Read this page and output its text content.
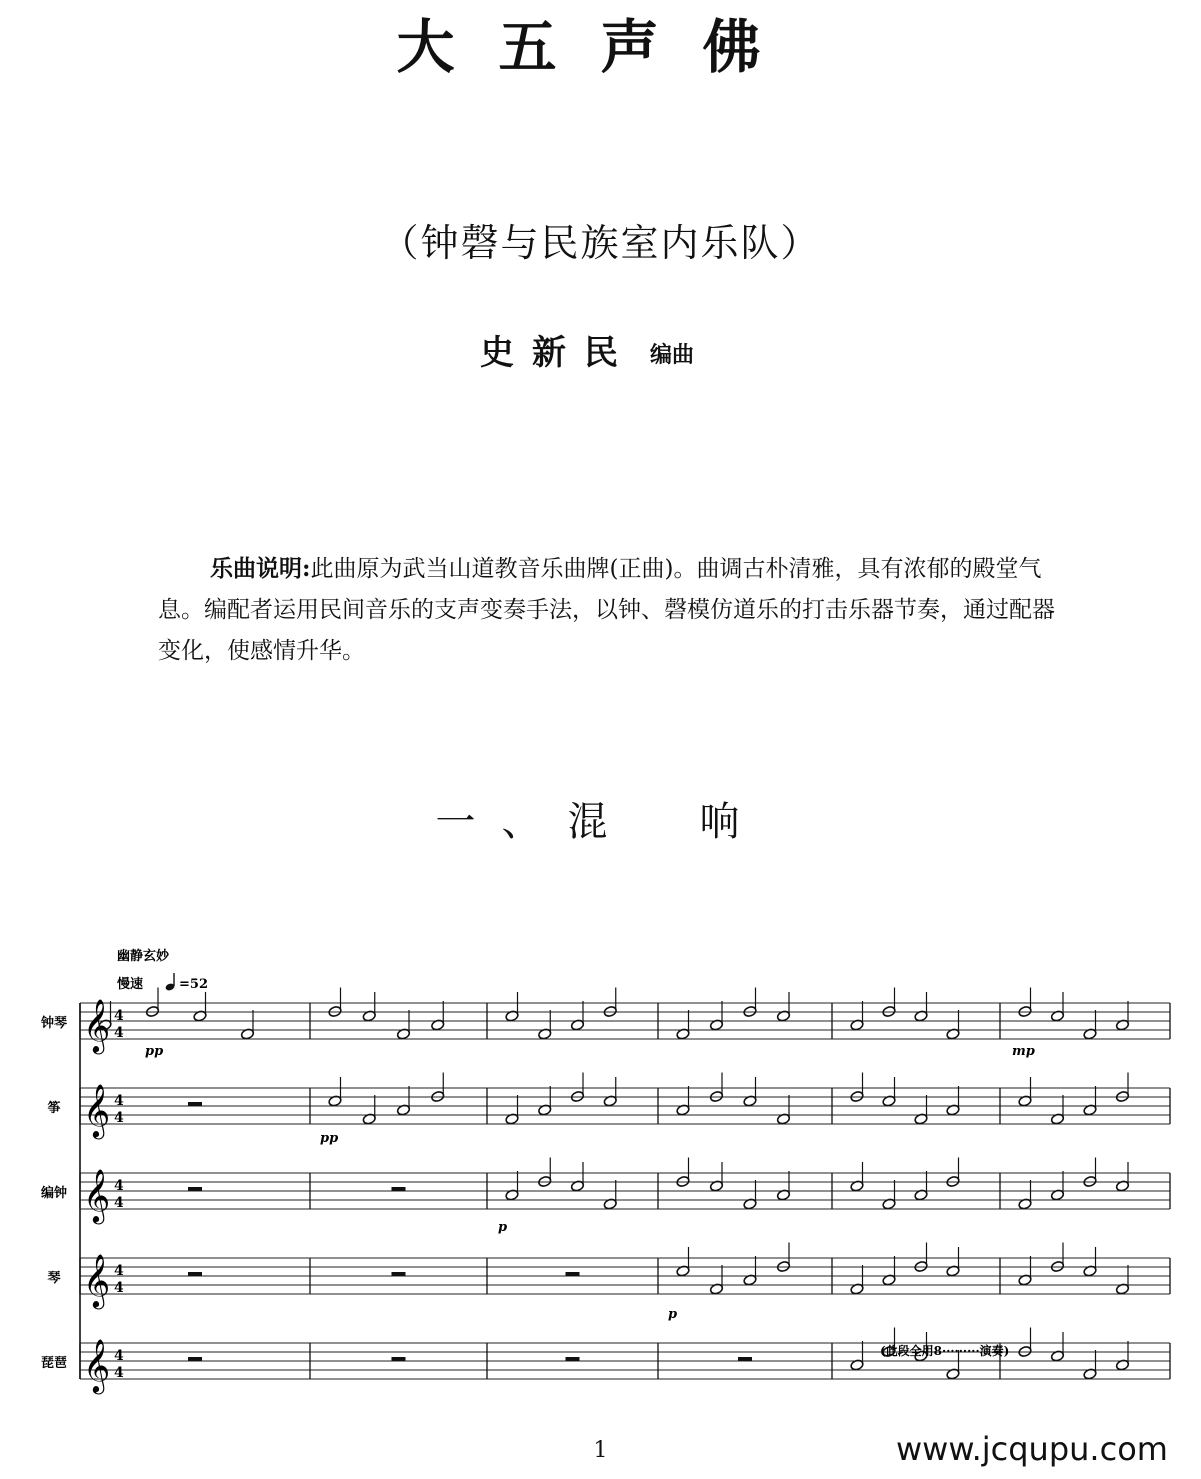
大五声佛
（钟磬与民族室内乐队）
史新民 编曲
乐曲说明:此曲原为武当山道教音乐曲牌(正曲)。曲调古朴清雅，具有浓郁的殿堂气息。编配者运用民间音乐的支声变奏手法，以钟、磬模仿道乐的打击乐器节奏，通过配器变化，使感情升华。
一、混　响
幽静玄妙
慢速	=52
𝄞 4
4
钟琴
𝄞 4
4
筝
𝄞 4
4
编钟
𝄞 4
4
琴
𝄞 4
4
琵琶
pp	mp
pp
p
p
(此段全用8·········演奏)
1	www.jcqupu.com
